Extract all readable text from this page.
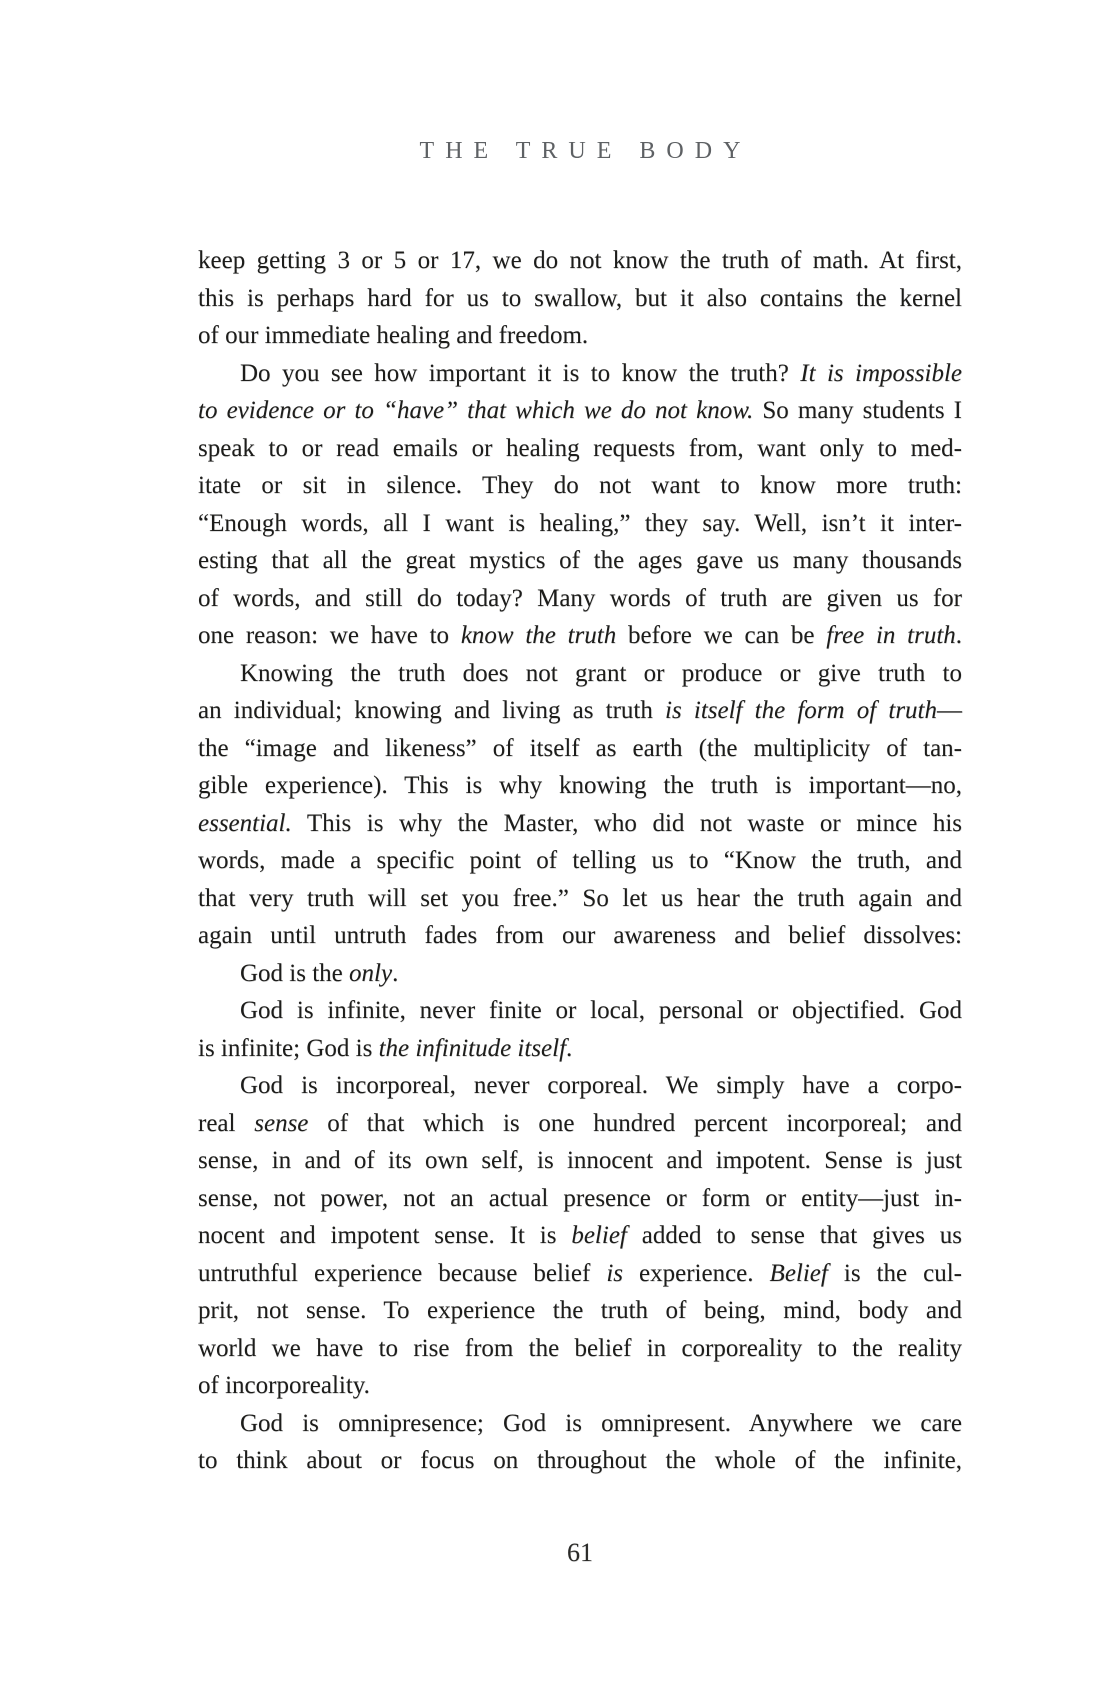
THE TRUE BODY
keep getting 3 or 5 or 17, we do not know the truth of math. At first,
this is perhaps hard for us to swallow, but it also contains the kernel
of our immediate healing and freedom.
Do you see how important it is to know the truth? It is impossible
to evidence or to “have” that which we do not know. So many students I
speak to or read emails or healing requests from, want only to med-
itate or sit in silence. They do not want to know more truth:
“Enough words, all I want is healing,” they say. Well, isn’t it inter-
esting that all the great mystics of the ages gave us many thousands
of words, and still do today? Many words of truth are given us for
one reason: we have to know the truth before we can be free in truth.
Knowing the truth does not grant or produce or give truth to
an individual; knowing and living as truth is itself the form of truth—
the “image and likeness” of itself as earth (the multiplicity of tan-
gible experience). This is why knowing the truth is important—no,
essential. This is why the Master, who did not waste or mince his
words, made a specific point of telling us to “Know the truth, and
that very truth will set you free.” So let us hear the truth again and
again until untruth fades from our awareness and belief dissolves:
God is the only.
God is infinite, never finite or local, personal or objectified. God
is infinite; God is the infinitude itself.
God is incorporeal, never corporeal. We simply have a corpo-
real sense of that which is one hundred percent incorporeal; and
sense, in and of its own self, is innocent and impotent. Sense is just
sense, not power, not an actual presence or form or entity—just in-
nocent and impotent sense. It is belief added to sense that gives us
untruthful experience because belief is experience. Belief is the cul-
prit, not sense. To experience the truth of being, mind, body and
world we have to rise from the belief in corporeality to the reality
of incorporeality.
God is omnipresence; God is omnipresent. Anywhere we care
to think about or focus on throughout the whole of the infinite,
61
